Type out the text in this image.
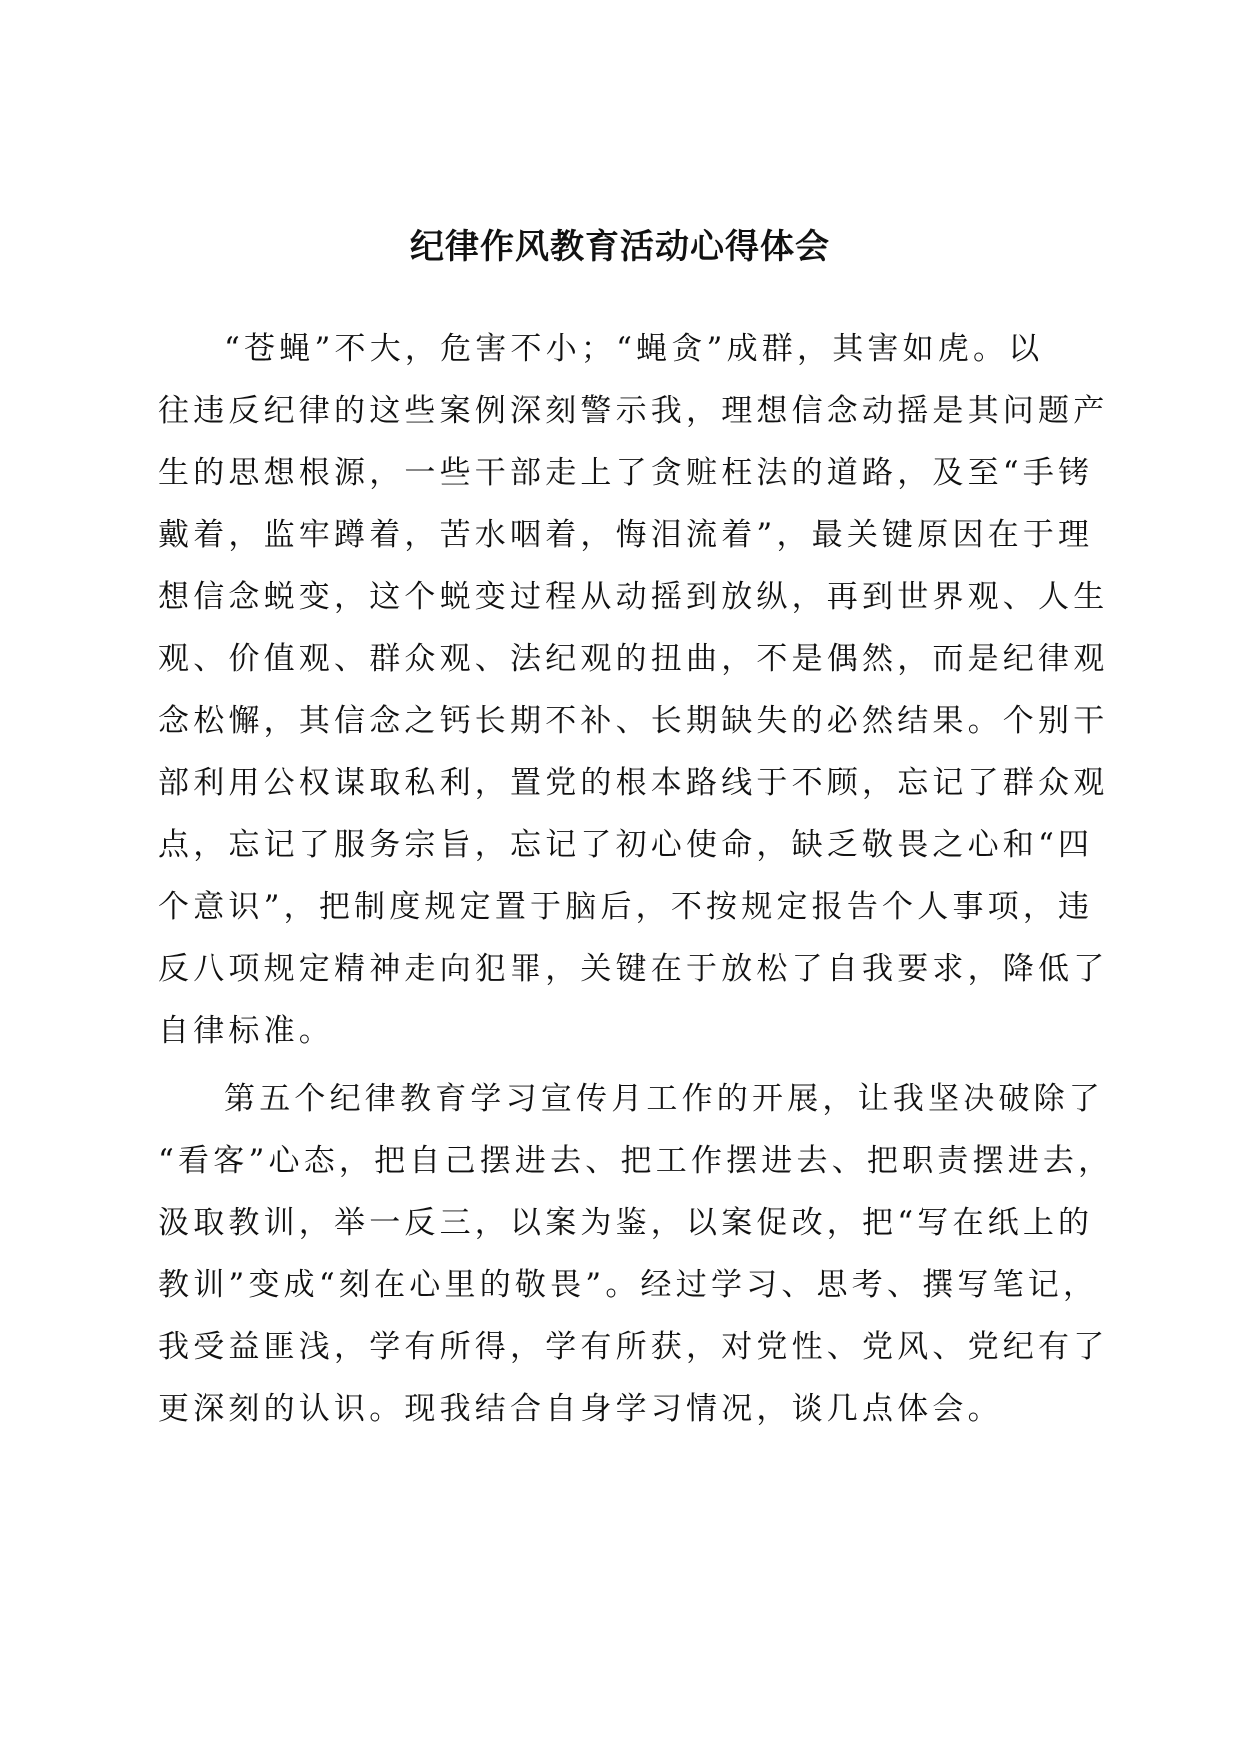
纪律作风教育活动心得体会
“苍蝇”不大，危害不小；“蝇贪”成群，其害如虎。以
往违反纪律的这些案例深刻警示我，理想信念动摇是其问题产
生的思想根源，一些干部走上了贪赃枉法的道路，及至“手铐
戴着，监牢蹲着，苦水咽着，悔泪流着”，最关键原因在于理
想信念蜕变，这个蜕变过程从动摇到放纵，再到世界观、人生
观、价值观、群众观、法纪观的扭曲，不是偶然，而是纪律观
念松懈，其信念之钙长期不补、长期缺失的必然结果。个别干
部利用公权谋取私利，置党的根本路线于不顾，忘记了群众观
点，忘记了服务宗旨，忘记了初心使命，缺乏敬畏之心和“四
个意识”，把制度规定置于脑后，不按规定报告个人事项，违
反八项规定精神走向犯罪，关键在于放松了自我要求，降低了
自律标准。
第五个纪律教育学习宣传月工作的开展，让我坚决破除了
“看客”心态，把自己摆进去、把工作摆进去、把职责摆进去，
汲取教训，举一反三，以案为鉴，以案促改，把“写在纸上的
教训”变成“刻在心里的敬畏”。经过学习、思考、撰写笔记，
我受益匪浅，学有所得，学有所获，对党性、党风、党纪有了
更深刻的认识。现我结合自身学习情况，谈几点体会。
